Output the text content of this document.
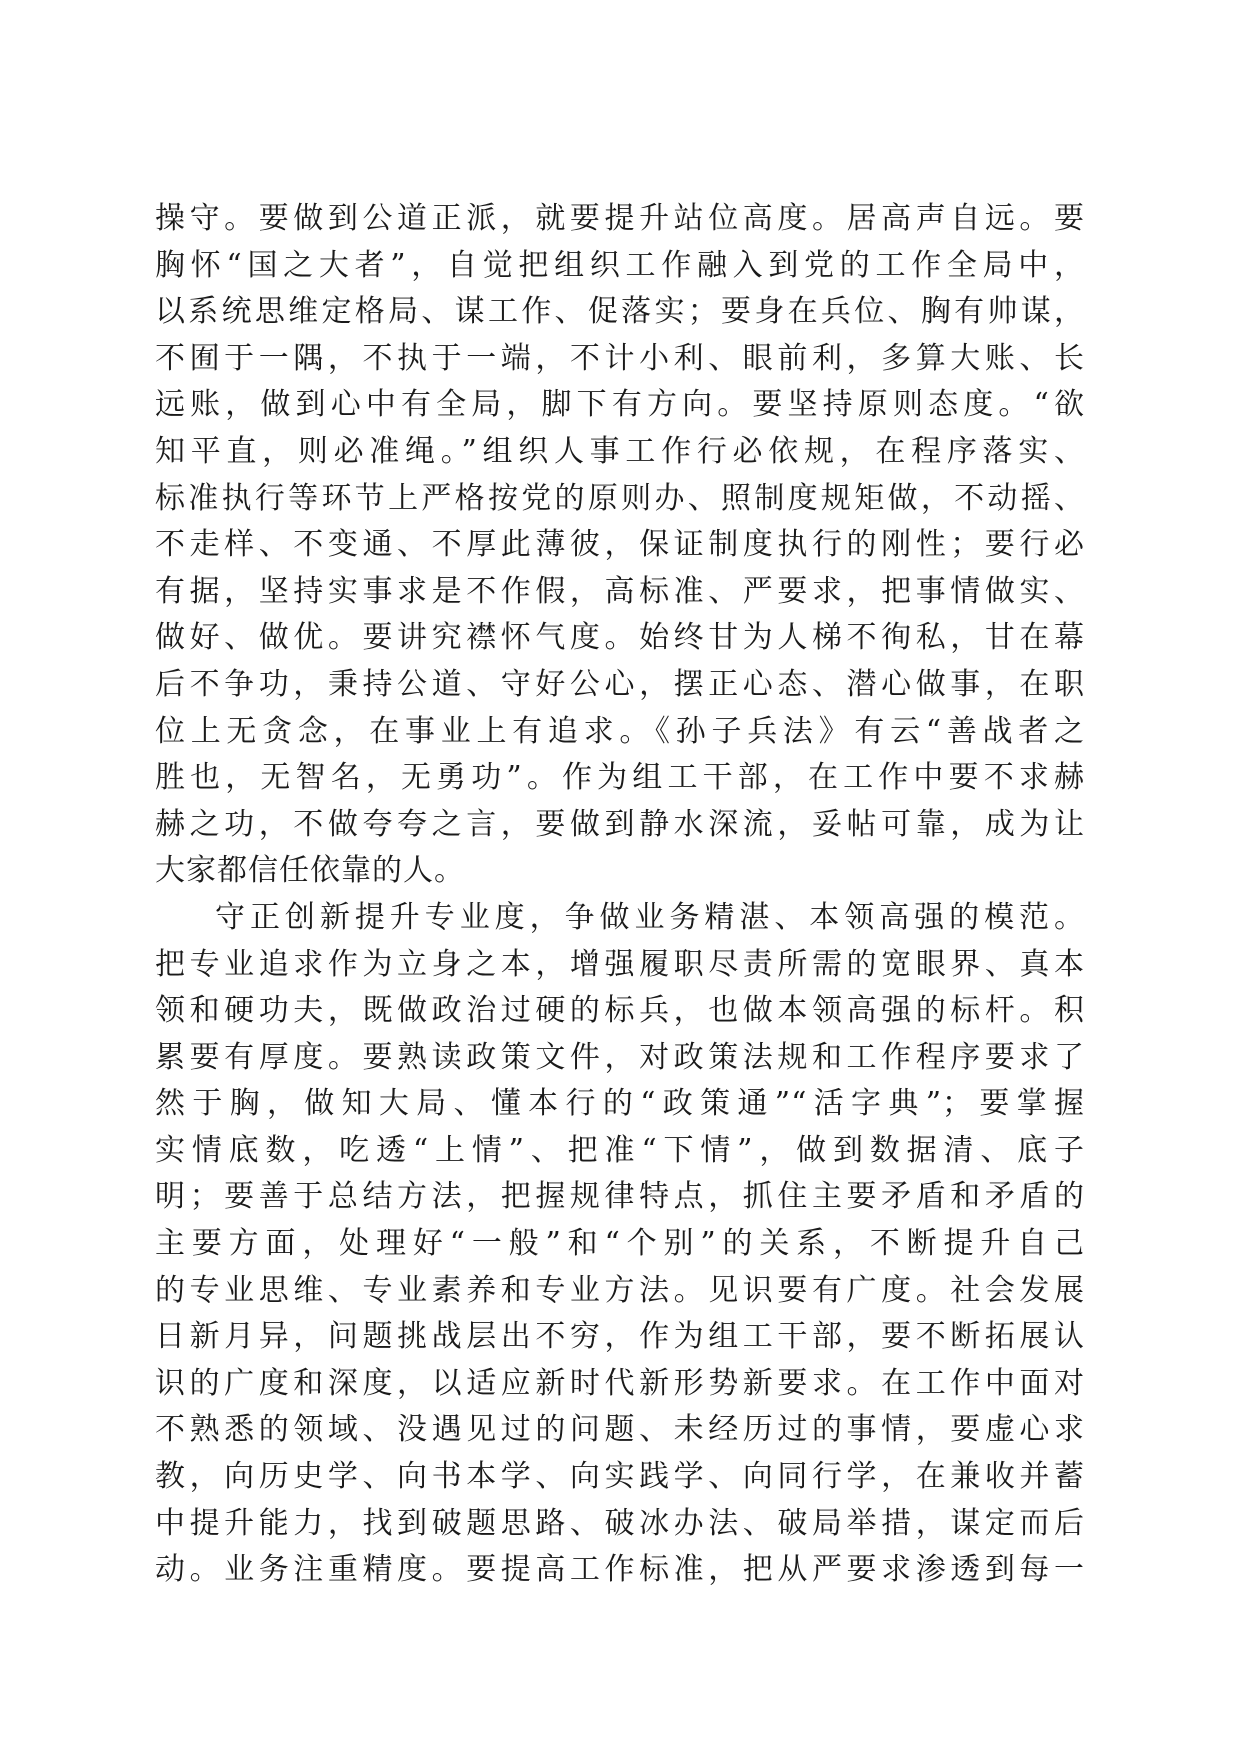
操守。要做到公道正派，就要提升站位高度。居高声自远。要
胸怀“国之大者”，自觉把组织工作融入到党的工作全局中，
以系统思维定格局、谋工作、促落实；要身在兵位、胸有帅谋，
不囿于一隅，不执于一端，不计小利、眼前利，多算大账、长
远账，做到心中有全局，脚下有方向。要坚持原则态度。“欲
知平直，则必准绳。”组织人事工作行必依规，在程序落实、
标准执行等环节上严格按党的原则办、照制度规矩做，不动摇、
不走样、不变通、不厚此薄彼，保证制度执行的刚性；要行必
有据，坚持实事求是不作假，高标准、严要求，把事情做实、
做好、做优。要讲究襟怀气度。始终甘为人梯不徇私，甘在幕
后不争功，秉持公道、守好公心，摆正心态、潜心做事，在职
位上无贪念，在事业上有追求。《孙子兵法》有云“善战者之
胜也，无智名，无勇功”。作为组工干部，在工作中要不求赫
赫之功，不做夸夸之言，要做到静水深流，妥帖可靠，成为让
大家都信任依靠的人。
守正创新提升专业度，争做业务精湛、本领高强的模范。
把专业追求作为立身之本，增强履职尽责所需的宽眼界、真本
领和硬功夫，既做政治过硬的标兵，也做本领高强的标杆。积
累要有厚度。要熟读政策文件，对政策法规和工作程序要求了
然于胸，做知大局、懂本行的“政策通”“活字典”；要掌握
实情底数，吃透“上情”、把准“下情”，做到数据清、底子
明；要善于总结方法，把握规律特点，抓住主要矛盾和矛盾的
主要方面，处理好“一般”和“个别”的关系，不断提升自己
的专业思维、专业素养和专业方法。见识要有广度。社会发展
日新月异，问题挑战层出不穷，作为组工干部，要不断拓展认
识的广度和深度，以适应新时代新形势新要求。在工作中面对
不熟悉的领域、没遇见过的问题、未经历过的事情，要虚心求
教，向历史学、向书本学、向实践学、向同行学，在兼收并蓄
中提升能力，找到破题思路、破冰办法、破局举措，谋定而后
动。业务注重精度。要提高工作标准，把从严要求渗透到每一
